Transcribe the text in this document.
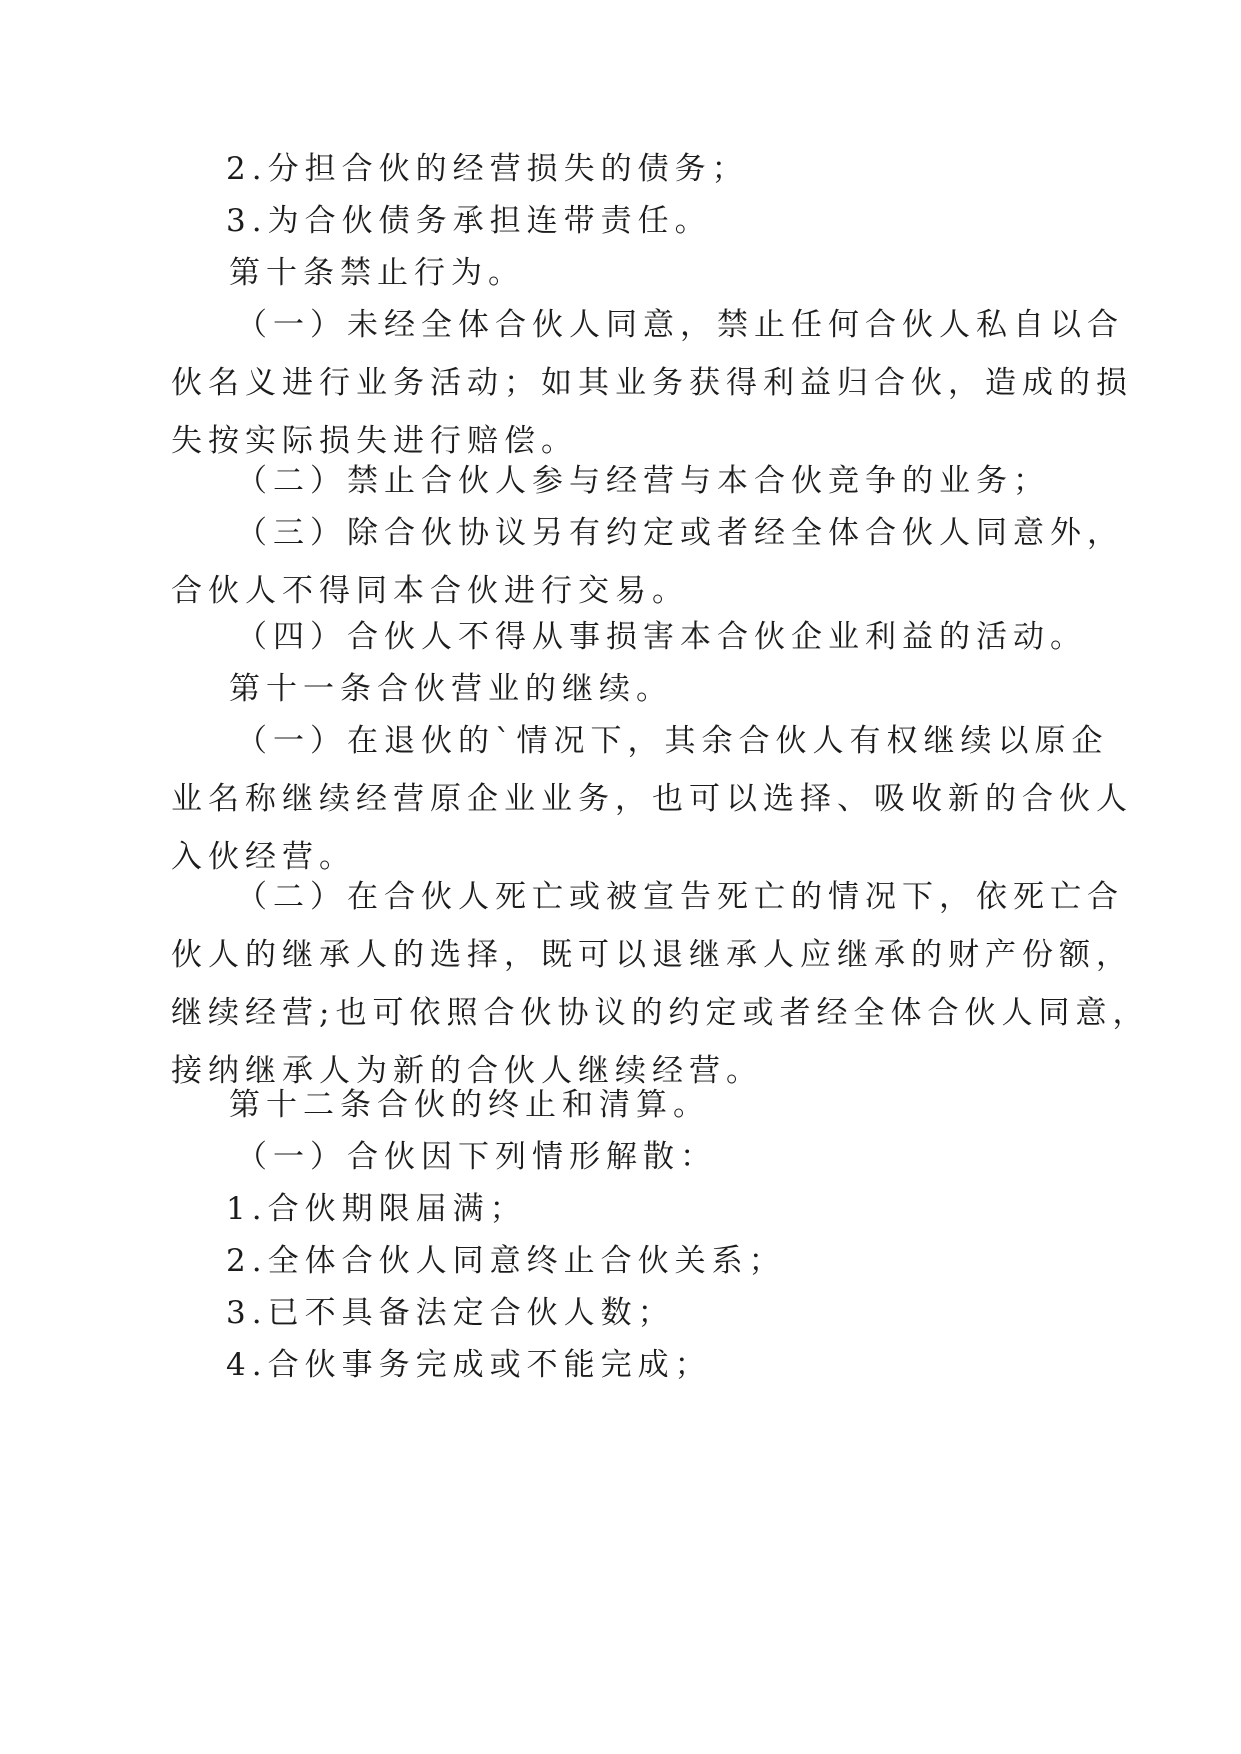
2.分担合伙的经营损失的债务；
3.为合伙债务承担连带责任。
第十条禁止行为。
（一）未经全体合伙人同意，禁止任何合伙人私自以合
伙名义进行业务活动；如其业务获得利益归合伙，造成的损
失按实际损失进行赔偿。
（二）禁止合伙人参与经营与本合伙竞争的业务；
（三）除合伙协议另有约定或者经全体合伙人同意外，
合伙人不得同本合伙进行交易。
（四）合伙人不得从事损害本合伙企业利益的活动。
第十一条合伙营业的继续。
（一）在退伙的`情况下，其余合伙人有权继续以原企
业名称继续经营原企业业务，也可以选择、吸收新的合伙人
入伙经营。
（二）在合伙人死亡或被宣告死亡的情况下，依死亡合
伙人的继承人的选择，既可以退继承人应继承的财产份额，
继续经营;也可依照合伙协议的约定或者经全体合伙人同意，
接纳继承人为新的合伙人继续经营。
第十二条合伙的终止和清算。
（一）合伙因下列情形解散：
1.合伙期限届满；
2.全体合伙人同意终止合伙关系；
3.已不具备法定合伙人数；
4.合伙事务完成或不能完成；
